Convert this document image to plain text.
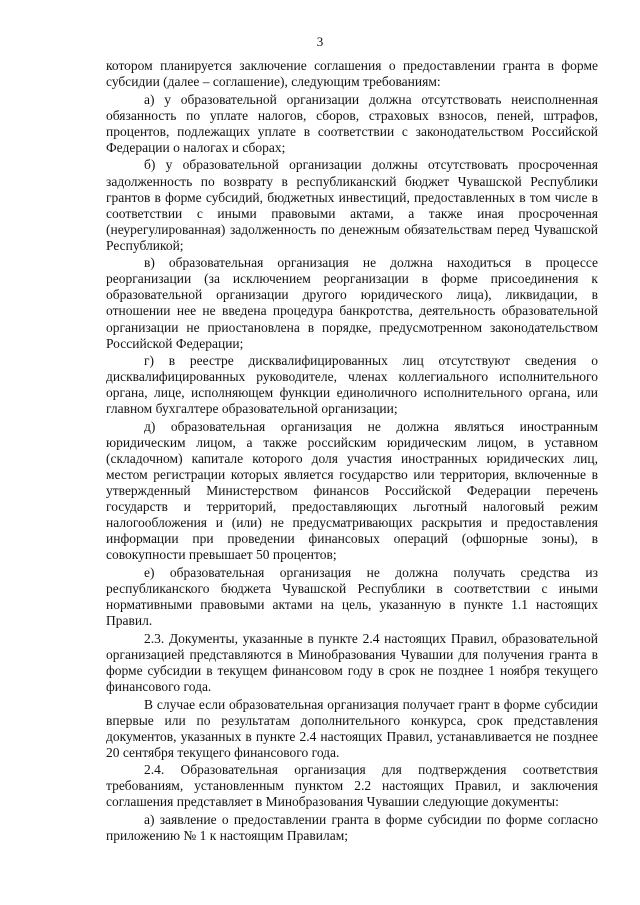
3

котором планируется заключение соглашения о предоставлении гранта в форме субсидии (далее – соглашение), следующим требованиям:

а) у образовательной организации должна отсутствовать неисполненная обязанность по уплате налогов, сборов, страховых взносов, пеней, штрафов, процентов, подлежащих уплате в соответствии с законодательством Российской Федерации о налогах и сборах;

б) у образовательной организации должны отсутствовать просроченная задолженность по возврату в республиканский бюджет Чувашской Республики грантов в форме субсидий, бюджетных инвестиций, предоставленных в том числе в соответствии с иными правовыми актами, а также иная просроченная (неурегулированная) задолженность по денежным обязательствам перед Чувашской Республикой;

в) образовательная организация не должна находиться в процессе реорганизации (за исключением реорганизации в форме присоединения к образовательной организации другого юридического лица), ликвидации, в отношении нее не введена процедура банкротства, деятельность образовательной организации не приостановлена в порядке, предусмотренном законодательством Российской Федерации;

г) в реестре дисквалифицированных лиц отсутствуют сведения о дисквалифицированных руководителе, членах коллегиального исполнительного органа, лице, исполняющем функции единоличного исполнительного органа, или главном бухгалтере образовательной организации;

д) образовательная организация не должна являться иностранным юридическим лицом, а также российским юридическим лицом, в уставном (складочном) капитале которого доля участия иностранных юридических лиц, местом регистрации которых является государство или территория, включенные в утвержденный Министерством финансов Российской Федерации перечень государств и территорий, предоставляющих льготный налоговый режим налогообложения и (или) не предусматривающих раскрытия и предоставления информации при проведении финансовых операций (офшорные зоны), в совокупности превышает 50 процентов;

е) образовательная организация не должна получать средства из республиканского бюджета Чувашской Республики в соответствии с иными нормативными правовыми актами на цель, указанную в пункте 1.1 настоящих Правил.

2.3. Документы, указанные в пункте 2.4 настоящих Правил, образовательной организацией представляются в Минобразования Чувашии для получения гранта в форме субсидии в текущем финансовом году в срок не позднее 1 ноября текущего финансового года.

В случае если образовательная организация получает грант в форме субсидии впервые или по результатам дополнительного конкурса, срок представления документов, указанных в пункте 2.4 настоящих Правил, устанавливается не позднее 20 сентября текущего финансового года.

2.4. Образовательная организация для подтверждения соответствия требованиям, установленным пунктом 2.2 настоящих Правил, и заключения соглашения представляет в Минобразования Чувашии следующие документы:

а) заявление о предоставлении гранта в форме субсидии по форме согласно приложению № 1 к настоящим Правилам;
